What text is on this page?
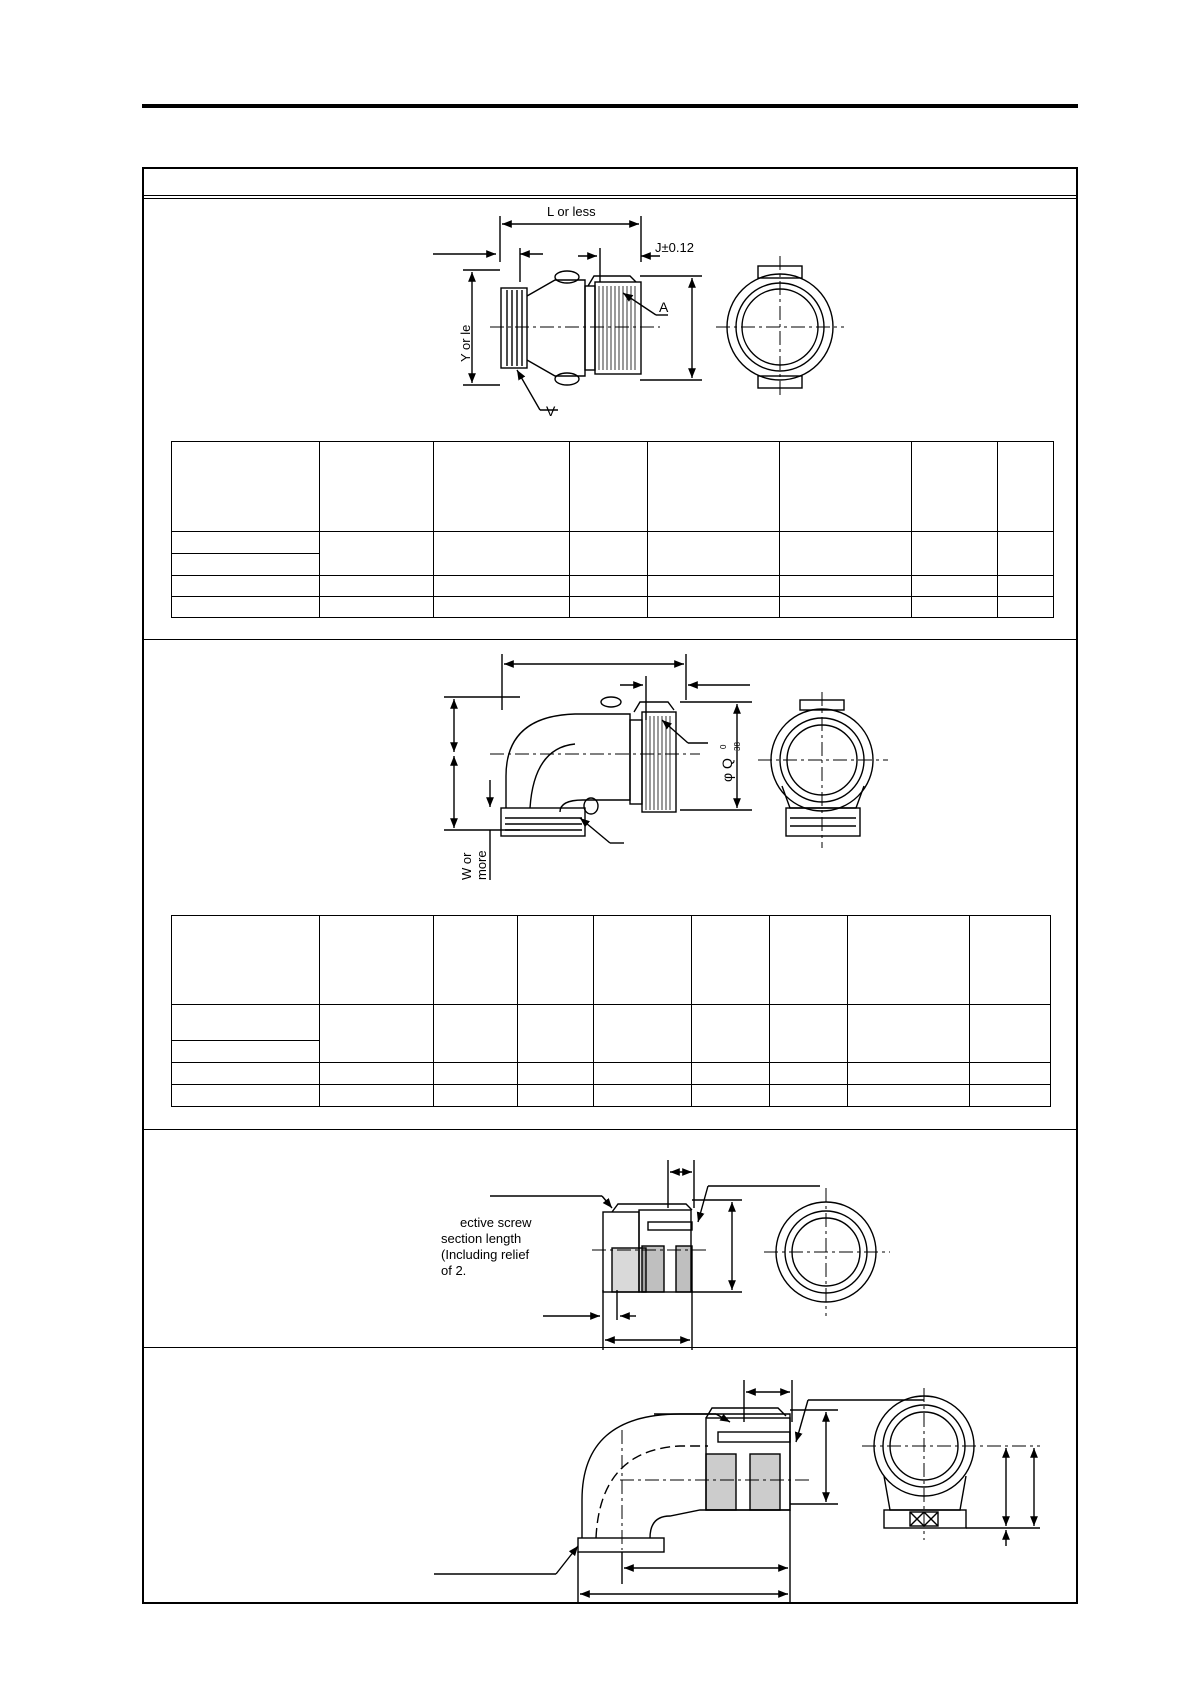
L or less
J±0.12
A
V
Y or le

φ Q
0 38
W or more

ective screw
section length
(Including relief
of 2.
